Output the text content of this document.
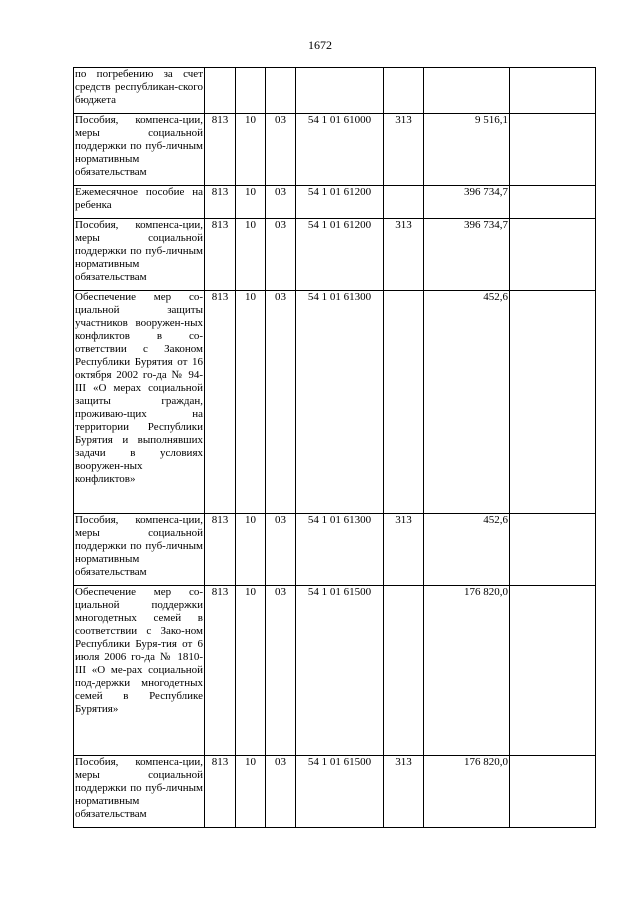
1672
по погребению за счет средств республикан-ского бюджета							
Пособия, компенса-ции, меры социальной поддержки по пуб-личным нормативным обязательствам	813	10	03	54 1 01 61000	313	9 516,1	
Ежемесячное пособие на ребенка	813	10	03	54 1 01 61200		396 734,7	
Пособия, компенса-ции, меры социальной поддержки по пуб-личным нормативным обязательствам	813	10	03	54 1 01 61200	313	396 734,7	
Обеспечение мер со-циальной защиты участников вооружен-ных конфликтов в со-ответствии с Законом Республики Бурятия от 16 октября 2002 го-да № 94-III «О мерах социальной защиты граждан, проживаю-щих на территории Республики Бурятия и выполнявших задачи в условиях вооружен-ных конфликтов»	813	10	03	54 1 01 61300		452,6	
Пособия, компенса-ции, меры социальной поддержки по пуб-личным нормативным обязательствам	813	10	03	54 1 01 61300	313	452,6	
Обеспечение мер со-циальной поддержки многодетных семей в соответствии с Зако-ном Республики Буря-тия от 6 июля 2006 го-да № 1810-III «О ме-рах социальной под-держки многодетных семей в Республике Бурятия»	813	10	03	54 1 01 61500		176 820,0	
Пособия, компенса-ции, меры социальной поддержки по пуб-личным нормативным обязательствам	813	10	03	54 1 01 61500	313	176 820,0	
